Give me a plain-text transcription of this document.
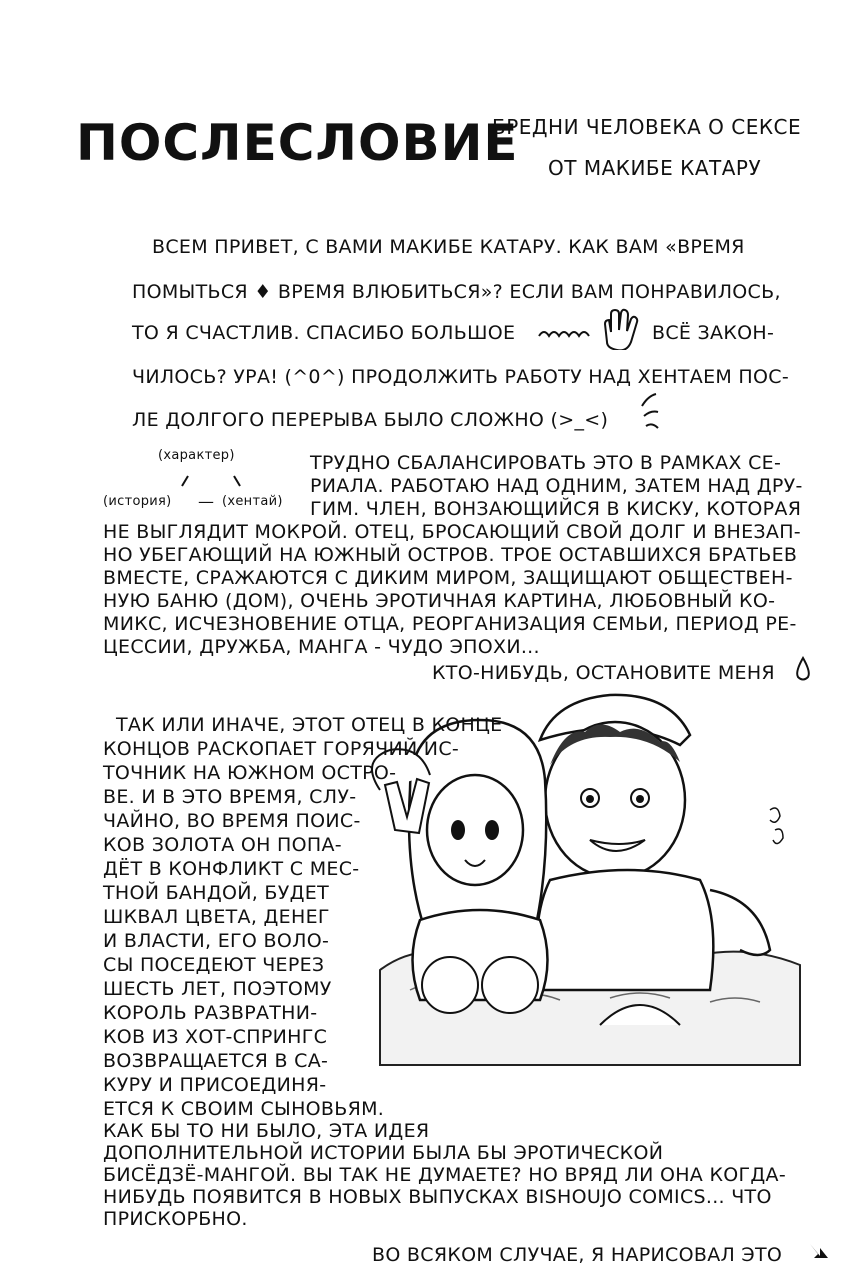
ПОСЛЕСЛОВИЕ
БРЕДНИ ЧЕЛОВЕКА О СЕКСЕ
ОТ МАКИБЕ КАТАРУ
ВСЕМ ПРИВЕТ, С ВАМИ МАКИБЕ КАТАРУ. КАК ВАМ «ВРЕМЯ
ПОМЫТЬСЯ ♦ ВРЕМЯ ВЛЮБИТЬСЯ»? ЕСЛИ ВАМ ПОНРАВИЛОСЬ,
ТО Я СЧАСТЛИВ. СПАСИБО БОЛЬШОЕ	ВСЁ ЗАКОН-
ЧИЛОСЬ? УРА! (^0^) ПРОДОЛЖИТЬ РАБОТУ НАД ХЕНТАЕМ ПОС-
ЛЕ ДОЛГОГО ПЕРЕРЫВА БЫЛО СЛОЖНО (>_<)
(характер)
(история) — (хентай)
ТРУДНО СБАЛАНСИРОВАТЬ ЭТО В РАМКАХ СЕ-
РИАЛА. РАБОТАЮ НАД ОДНИМ, ЗАТЕМ НАД ДРУ-
ГИМ. ЧЛЕН, ВОНЗАЮЩИЙСЯ В КИСКУ, КОТОРАЯ
НЕ ВЫГЛЯДИТ МОКРОЙ. ОТЕЦ, БРОСАЮЩИЙ СВОЙ ДОЛГ И ВНЕЗАП-
НО УБЕГАЮЩИЙ НА ЮЖНЫЙ ОСТРОВ. ТРОЕ ОСТАВШИХСЯ БРАТЬЕВ
ВМЕСТЕ, СРАЖАЮТСЯ С ДИКИМ МИРОМ, ЗАЩИЩАЮТ ОБЩЕСТВЕН-
НУЮ БАНЮ (ДОМ), ОЧЕНЬ ЭРОТИЧНАЯ КАРТИНА, ЛЮБОВНЫЙ КО-
МИКС, ИСЧЕЗНОВЕНИЕ ОТЦА, РЕОРГАНИЗАЦИЯ СЕМЬИ, ПЕРИОД РЕ-
ЦЕССИИ, ДРУЖБА, МАНГА - ЧУДО ЭПОХИ...
КТО-НИБУДЬ, ОСТАНОВИТЕ МЕНЯ
ТАК ИЛИ ИНАЧЕ, ЭТОТ ОТЕЦ В КОНЦЕ
КОНЦОВ РАСКОПАЕТ ГОРЯЧИЙ ИС-
ТОЧНИК НА ЮЖНОМ ОСТРО-
ВЕ. И В ЭТО ВРЕМЯ, СЛУ-
ЧАЙНО, ВО ВРЕМЯ ПОИС-
КОВ ЗОЛОТА ОН ПОПА-
ДЁТ В КОНФЛИКТ С МЕС-
ТНОЙ БАНДОЙ, БУДЕТ
ШКВАЛ ЦВЕТА, ДЕНЕГ
И ВЛАСТИ, ЕГО ВОЛО-
СЫ ПОСЕДЕЮТ ЧЕРЕЗ
ШЕСТЬ ЛЕТ, ПОЭТОМУ
КОРОЛЬ РАЗВРАТНИ-
КОВ ИЗ ХОТ-СПРИНГС
ВОЗВРАЩАЕТСЯ В СА-
КУРУ И ПРИСОЕДИНЯ-
ЕТСЯ К СВОИМ СЫНОВЬЯМ.
КАК БЫ ТО НИ БЫЛО, ЭТА ИДЕЯ
ДОПОЛНИТЕЛЬНОЙ ИСТОРИИ БЫЛА БЫ ЭРОТИЧЕСКОЙ
БИСЁДЗЁ-МАНГОЙ. ВЫ ТАК НЕ ДУМАЕТЕ? НО ВРЯД ЛИ ОНА КОГДА-
НИБУДЬ ПОЯВИТСЯ В НОВЫХ ВЫПУСКАХ BISHOUJO COMICS... ЧТО
ПРИСКОРБНО.
ВО ВСЯКОМ СЛУЧАЕ, Я НАРИСОВАЛ ЭТО
